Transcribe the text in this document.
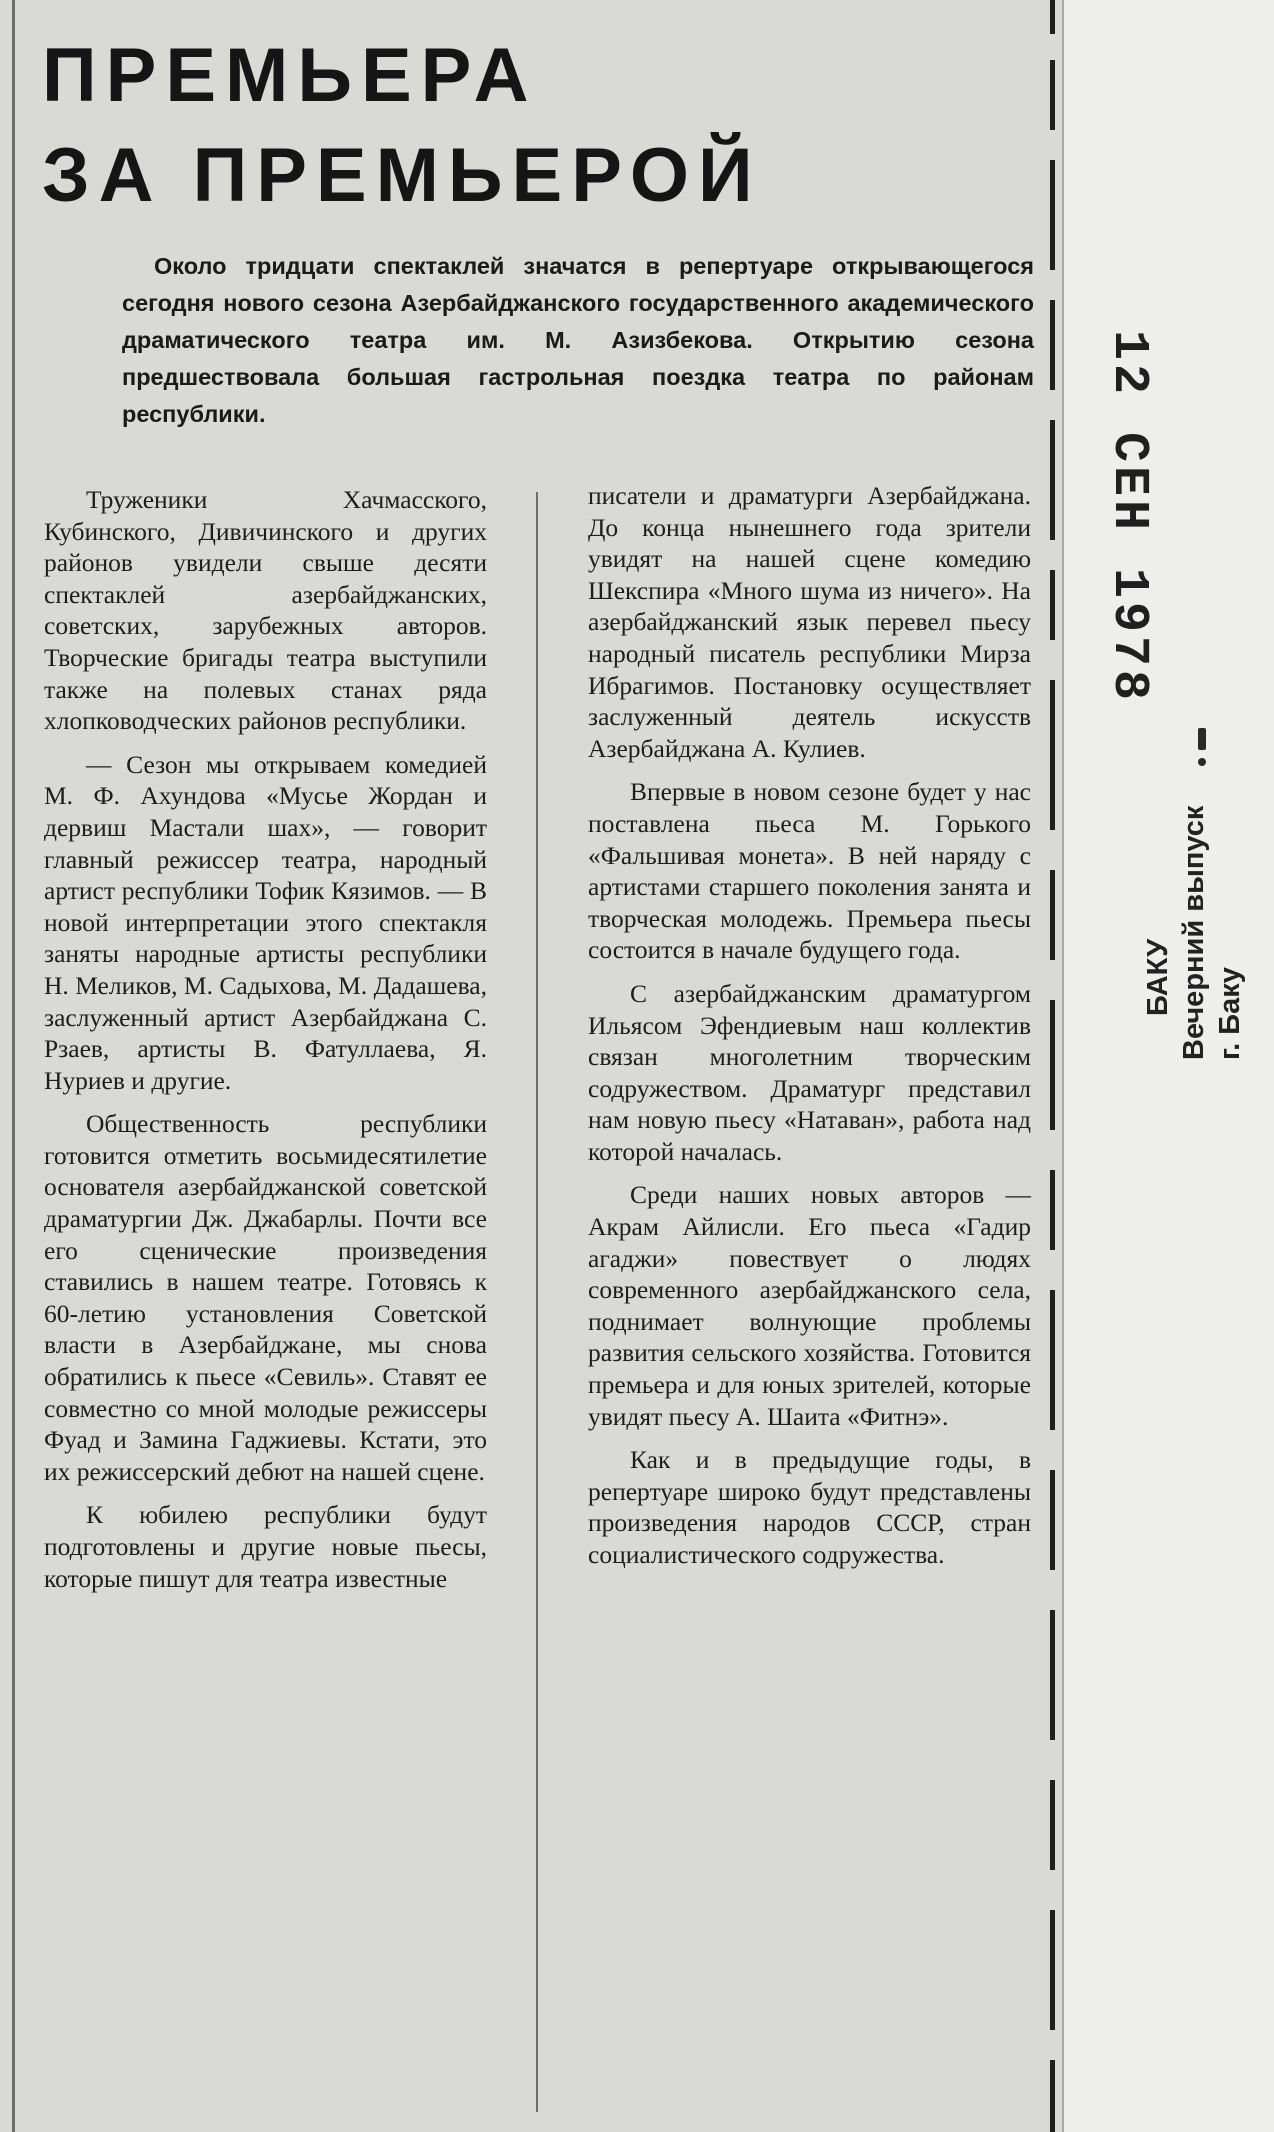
ПРЕМЬЕРА
ЗА ПРЕМЬЕРОЙ

Около тридцати спектаклей значатся в репертуаре открывающегося сегодня нового сезона Азербайджанского государственного академического драматического театра им. М. Азизбекова. Открытию сезона предшествовала большая гастрольная поездка театра по районам республики.

Труженики Хачмасского, Кубинского, Дивичинского и других районов увидели свыше десяти спектаклей азербайджанских, советских, зарубежных авторов. Творческие бригады театра выступили также на полевых станах ряда хлопководческих районов республики.

— Сезон мы открываем комедией М. Ф. Ахундова «Мусье Жордан и дервиш Мастали шах», — говорит главный режиссер театра, народный артист республики Тофик Кязимов. — В новой интерпретации этого спектакля заняты народные артисты республики Н. Меликов, М. Садыхова, М. Дадашева, заслуженный артист Азербайджана С. Рзаев, артисты В. Фатуллаева, Я. Нуриев и другие.

Общественность республики готовится отметить восьмидесятилетие основателя азербайджанской советской драматургии Дж. Джабарлы. Почти все его сценические произведения ставились в нашем театре. Готовясь к 60-летию установления Советской власти в Азербайджане, мы снова обратились к пьесе «Севиль». Ставят ее совместно со мной молодые режиссеры Фуад и Замина Гаджиевы. Кстати, это их режиссерский дебют на нашей сцене.

К юбилею республики будут подготовлены и другие новые пьесы, которые пишут для театра известные

писатели и драматурги Азербайджана. До конца нынешнего года зрители увидят на нашей сцене комедию Шекспира «Много шума из ничего». На азербайджанский язык перевел пьесу народный писатель республики Мирза Ибрагимов. Постановку осуществляет заслуженный деятель искусств Азербайджана А. Кулиев.

Впервые в новом сезоне будет у нас поставлена пьеса М. Горького «Фальшивая монета». В ней наряду с артистами старшего поколения занята и творческая молодежь. Премьера пьесы состоится в начале будущего года.

С азербайджанским драматургом Ильясом Эфендиевым наш коллектив связан многолетним творческим содружеством. Драматург представил нам новую пьесу «Натаван», работа над которой началась.

Среди наших новых авторов — Акрам Айлисли. Его пьеса «Гадир агаджи» повествует о людях современного азербайджанского села, поднимает волнующие проблемы развития сельского хозяйства. Готовится премьера и для юных зрителей, которые увидят пьесу А. Шаита «Фитнэ».

Как и в предыдущие годы, в репертуаре широко будут представлены произведения народов СССР, стран социалистического содружества.

12 СЕН 1978
БАКУ Вечерний выпуск г. Баку
